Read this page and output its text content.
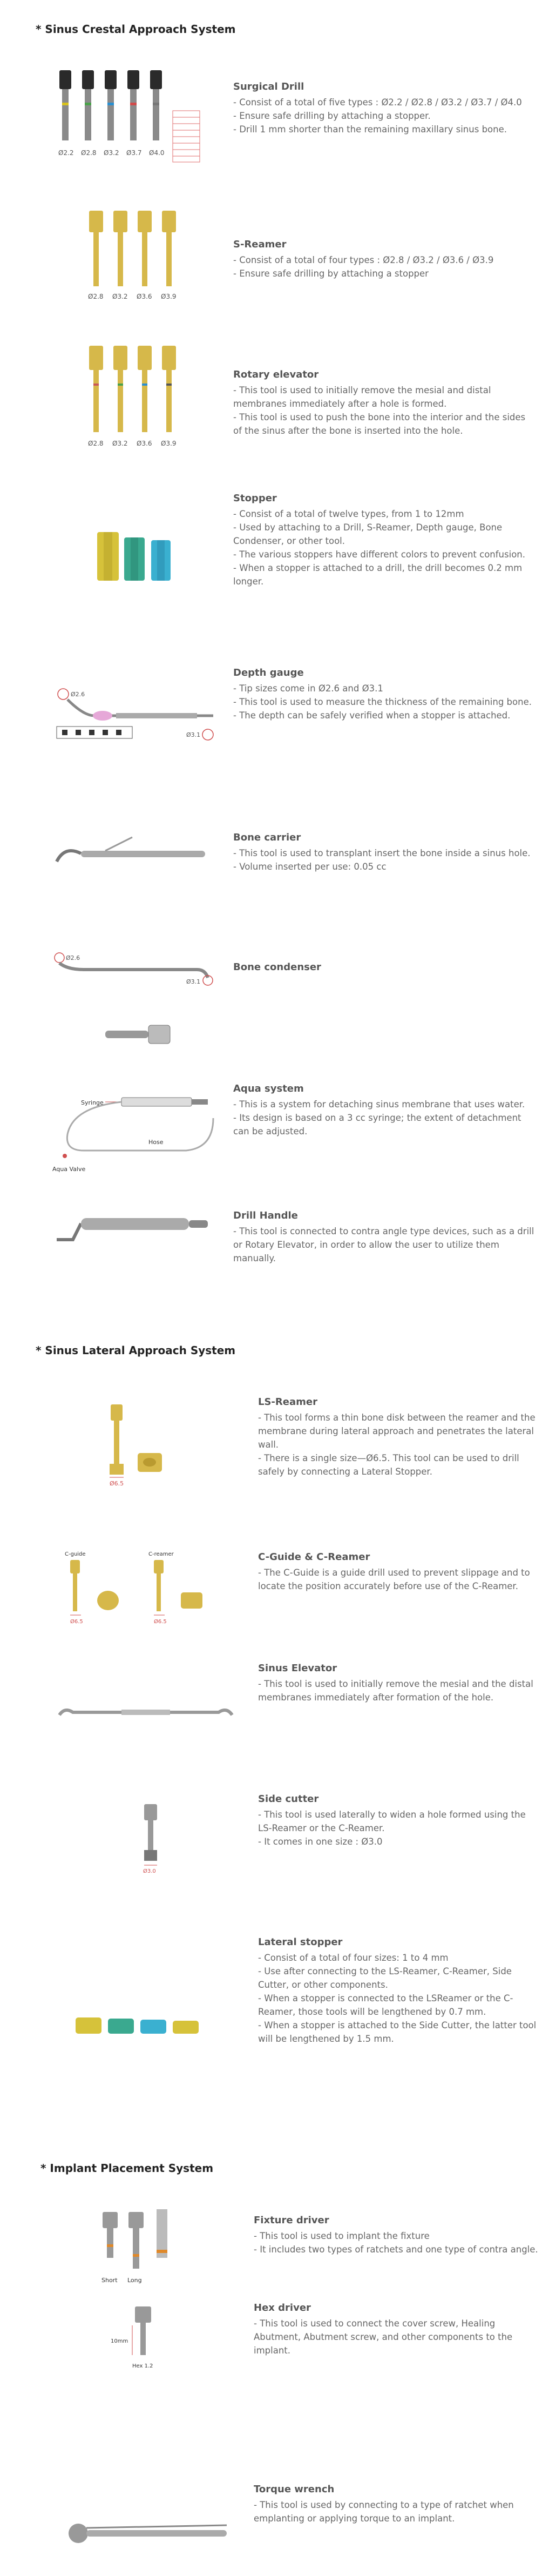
* Sinus Crestal Approach System
Ø2.2 Ø2.8 Ø3.2 Ø3.7 Ø4.0
Surgical Drill
- Consist of a total of five types : Ø2.2 / Ø2.8 / Ø3.2 / Ø3.7 / Ø4.0
- Ensure safe drilling by attaching a stopper.
- Drill 1 mm shorter than the remaining maxillary sinus bone.
Ø2.8 Ø3.2 Ø3.6 Ø3.9
S-Reamer
- Consist of a total of four types : Ø2.8 / Ø3.2 / Ø3.6 / Ø3.9
- Ensure safe drilling by attaching a stopper
Ø2.8 Ø3.2 Ø3.6 Ø3.9
Rotary elevator
- This tool is used to initially remove the mesial and distal membranes immediately after a hole is formed.
- This tool is used to push the bone into the interior and the sides of the sinus after the bone is inserted into the hole.
Stopper
- Consist of a total of twelve types, from 1 to 12mm
- Used by attaching to a Drill, S-Reamer, Depth gauge, Bone Condenser, or other tool.
- The various stoppers have different colors to prevent confusion.
- When a stopper is attached to a drill, the drill becomes 0.2 mm longer.
Ø2.6
Ø3.1
Depth gauge
- Tip sizes come in Ø2.6 and Ø3.1
- This tool is used to measure the thickness of the remaining bone.
- The depth can be safely verified when a stopper is attached.
Bone carrier
- This tool is used to transplant insert the bone inside a sinus hole.
- Volume inserted per use: 0.05 cc
Ø2.6
Ø3.1
Bone condenser
Syringe
Hose
Aqua Valve
Aqua system
- This is a system for detaching sinus membrane that uses water.
- Its design is based on a 3 cc syringe; the extent of detachment can be adjusted.
Drill Handle
- This tool is connected to contra angle type devices, such as a drill or Rotary Elevator, in order to allow the user to utilize them manually.
* Sinus Lateral Approach System
Ø6.5
LS-Reamer
- This tool forms a thin bone disk between the reamer and the membrane during lateral approach and penetrates the lateral wall.
- There is a single size—Ø6.5. This tool can be used to drill safely by connecting a Lateral Stopper.
C-guide	C-reamer
Ø6.5	Ø6.5
C-Guide & C-Reamer
- The C-Guide is a guide drill used to prevent slippage and to locate the position accurately before use of the C-Reamer.
Sinus Elevator
- This tool is used to initially remove the mesial and the distal membranes immediately after formation of the hole.
Ø3.0
Side cutter
- This tool is used laterally to widen a hole formed using the LS-Reamer or the C-Reamer.
- It comes in one size : Ø3.0
Lateral stopper
- Consist of a total of four sizes: 1 to 4 mm
- Use after connecting to the LS-Reamer, C-Reamer, Side Cutter, or other components.
- When a stopper is connected to the LSReamer or the C-Reamer, those tools will be lengthened by 0.7 mm.
- When a stopper is attached to the Side Cutter, the latter tool will be lengthened by 1.5 mm.
* Implant Placement System
Short Long
Fixture driver
- This tool is used to implant the fixture
- It includes two types of ratchets and one type of contra angle.
10mm
Hex 1.2
Hex driver
- This tool is used to connect the cover screw, Healing Abutment, Abutment screw, and other components to the implant.
Torque wrench
- This tool is used by connecting to a type of ratchet when emplanting or applying torque to an implant.
